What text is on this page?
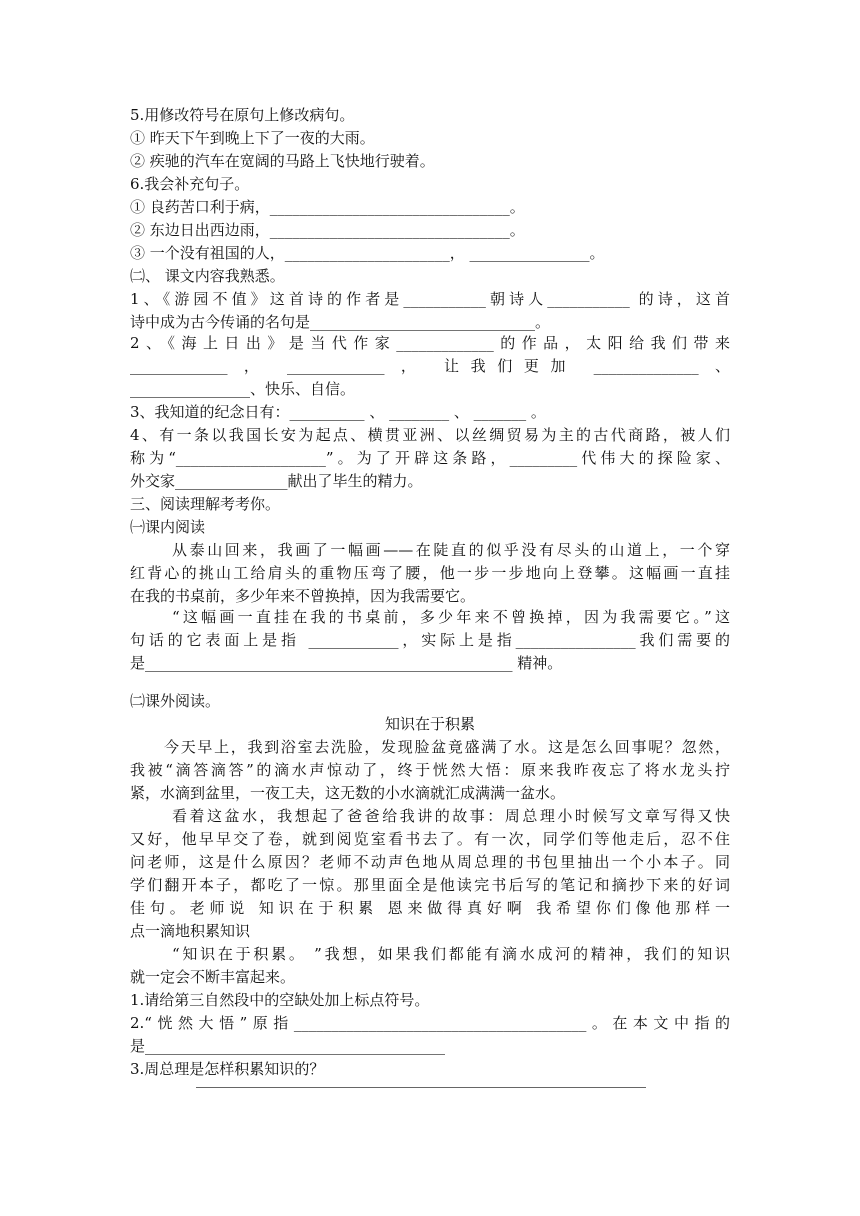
5.用修改符号在原句上修改病句。
① 昨天下午到晚上下了一夜的大雨。
② 疾驰的汽车在宽阔的马路上飞快地行驶着。
6.我会补充句子。
① 良药苦口利于病，________________________________。
② 东边日出西边雨，________________________________。
③ 一个没有祖国的人，______________________， ________________。
㈡、 课文内容我熟悉。
1、《游园不值》这首诗的作者是___________朝诗人___________ 的诗，这首
诗中成为古今传诵的名句是______________________________。
2、《海上日出》是当代作家_____________的作品，太阳给我们带来
_____________ ， _____________ ， 让我们更加 ______________ 、
________________、快乐、自信。
3、我知道的纪念日有：__________ 、 ________ 、 _______ 。
4、有一条以我国长安为起点、横贯亚洲、以丝绸贸易为主的古代商路，被人们
称为“____________________”。为了开辟这条路，_________代伟大的探险家、
外交家_______________献出了毕生的精力。
三、阅读理解考考你。
㈠课内阅读
从泰山回来，我画了一幅画——在陡直的似乎没有尽头的山道上，一个穿
红背心的挑山工给肩头的重物压弯了腰，他一步一步地向上登攀。这幅画一直挂
在我的书桌前，多少年来不曾换掉，因为我需要它。
“这幅画一直挂在我的书桌前，多少年来不曾换掉，因为我需要它。”这
句话的它表面上是指 ____________，实际上是指________________我们需要的
是_________________________________________________ 精神。
㈡课外阅读。
知识在于积累
今天早上，我到浴室去洗脸，发现脸盆竟盛满了水。这是怎么回事呢？忽然，
我被“滴答滴答”的滴水声惊动了，终于恍然大悟：原来我昨夜忘了将水龙头拧
紧，水滴到盆里，一夜工夫，这无数的小水滴就汇成满满一盆水。
看着这盆水，我想起了爸爸给我讲的故事：周总理小时候写文章写得又快
又好，他早早交了卷，就到阅览室看书去了。有一次，同学们等他走后，忍不住
问老师，这是什么原因？老师不动声色地从周总理的书包里抽出一个小本子。同
学们翻开本子，都吃了一惊。那里面全是他读完书后写的笔记和摘抄下来的好词
佳句。老师说 知识在于积累 恩来做得真好啊 我希望你们像他那样一
点一滴地积累知识
“知识在于积累。 ”我想，如果我们都能有滴水成河的精神，我们的知识
就一定会不断丰富起来。
1.请给第三自然段中的空缺处加上标点符号。
2.“恍然大悟”原指_______________________________________。在本文中指的
是________________________________________
3.周总理是怎样积累知识的？
